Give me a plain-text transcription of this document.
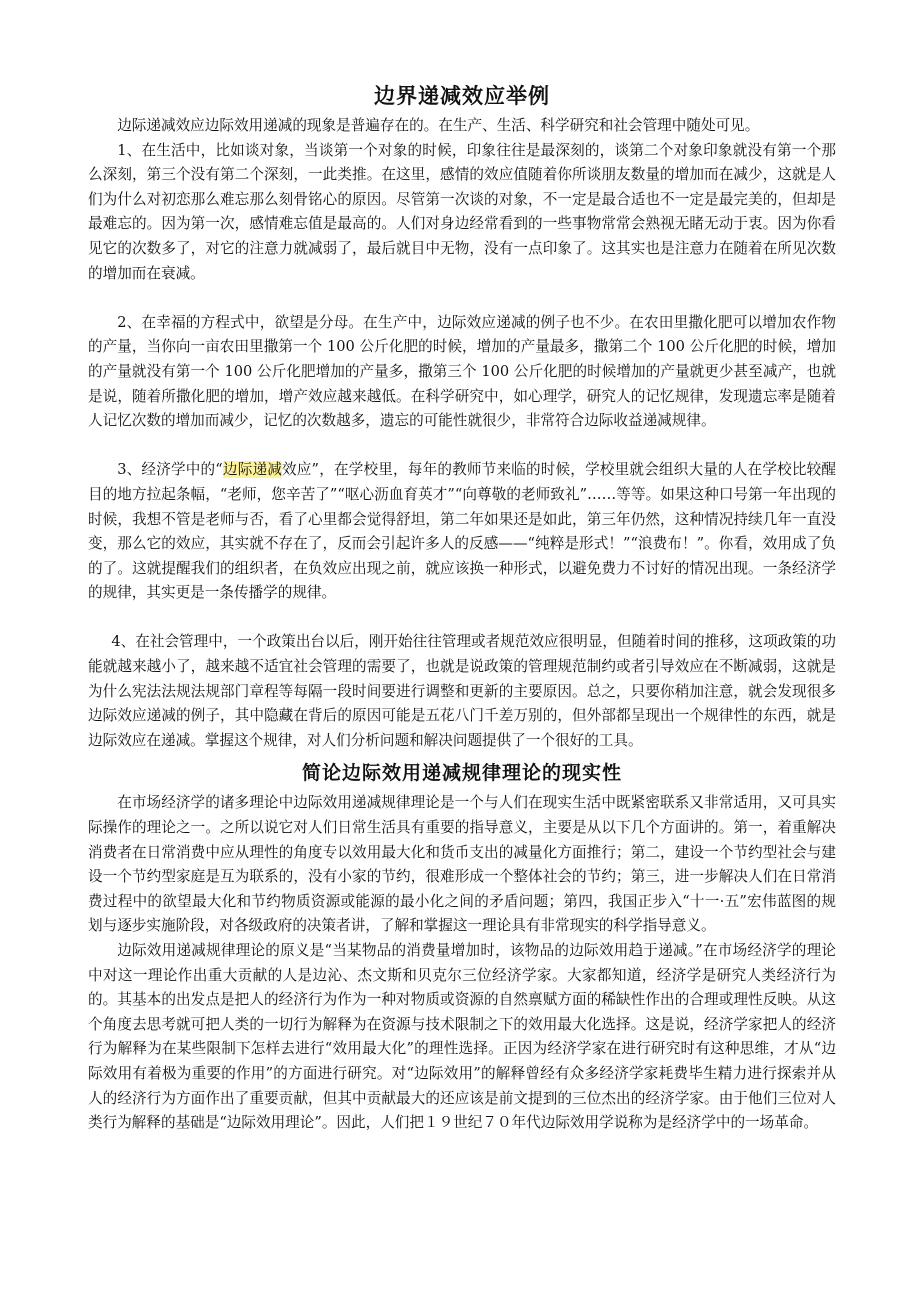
边界递减效应举例

边际递减效应边际效用递减的现象是普遍存在的。在生产、生活、科学研究和社会管理中随处可见。

1、在生活中，比如谈对象，当谈第一个对象的时候，印象往往是最深刻的，谈第二个对象印象就没有第一个那么深刻，第三个没有第二个深刻，一此类推。在这里，感情的效应值随着你所谈朋友数量的增加而在减少，这就是人们为什么对初恋那么难忘那么刻骨铭心的原因。尽管第一次谈的对象，不一定是最合适也不一定是最完美的，但却是最难忘的。因为第一次，感情难忘值是最高的。人们对身边经常看到的一些事物常常会熟视无睹无动于衷。因为你看见它的次数多了，对它的注意力就减弱了，最后就目中无物，没有一点印象了。这其实也是注意力在随着在所见次数的增加而在衰减。

2、在幸福的方程式中，欲望是分母。在生产中，边际效应递减的例子也不少。在农田里撒化肥可以增加农作物的产量，当你向一亩农田里撒第一个 100 公斤化肥的时候，增加的产量最多，撒第二个 100 公斤化肥的时候，增加的产量就没有第一个 100 公斤化肥增加的产量多，撒第三个 100 公斤化肥的时候增加的产量就更少甚至减产，也就是说，随着所撒化肥的增加，增产效应越来越低。在科学研究中，如心理学，研究人的记忆规律，发现遗忘率是随着人记忆次数的增加而减少，记忆的次数越多，遗忘的可能性就很少，非常符合边际收益递减规律。

3、经济学中的“边际递减效应”，在学校里，每年的教师节来临的时候，学校里就会组织大量的人在学校比较醒目的地方拉起条幅，“老师，您辛苦了”“呕心沥血育英才”“向尊敬的老师致礼”……等等。如果这种口号第一年出现的时候，我想不管是老师与否，看了心里都会觉得舒坦，第二年如果还是如此，第三年仍然，这种情况持续几年一直没变，那么它的效应，其实就不存在了，反而会引起许多人的反感——“纯粹是形式！”“浪费布！”。你看，效用成了负的了。这就提醒我们的组织者，在负效应出现之前，就应该换一种形式，以避免费力不讨好的情况出现。一条经济学的规律，其实更是一条传播学的规律。

4、在社会管理中，一个政策出台以后，刚开始往往管理或者规范效应很明显，但随着时间的推移，这项政策的功能就越来越小了，越来越不适宜社会管理的需要了，也就是说政策的管理规范制约或者引导效应在不断减弱，这就是为什么宪法法规法规部门章程等每隔一段时间要进行调整和更新的主要原因。总之，只要你稍加注意，就会发现很多边际效应递减的例子，其中隐藏在背后的原因可能是五花八门千差万别的，但外部都呈现出一个规律性的东西，就是边际效应在递减。掌握这个规律，对人们分析问题和解决问题提供了一个很好的工具。

简论边际效用递减规律理论的现实性

在市场经济学的诸多理论中边际效用递减规律理论是一个与人们在现实生活中既紧密联系又非常适用，又可具实际操作的理论之一。之所以说它对人们日常生活具有重要的指导意义，主要是从以下几个方面讲的。第一，着重解决消费者在日常消费中应从理性的角度专以效用最大化和货币支出的减量化方面推行；第二，建设一个节约型社会与建设一个节约型家庭是互为联系的，没有小家的节约，很难形成一个整体社会的节约；第三，进一步解决人们在日常消费过程中的欲望最大化和节约物质资源或能源的最小化之间的矛盾问题；第四，我国正步入“十一·五”宏伟蓝图的规划与逐步实施阶段，对各级政府的决策者讲，了解和掌握这一理论具有非常现实的科学指导意义。

边际效用递减规律理论的原义是“当某物品的消费量增加时，该物品的边际效用趋于递减。”在市场经济学的理论中对这一理论作出重大贡献的人是边沁、杰文斯和贝克尔三位经济学家。大家都知道，经济学是研究人类经济行为的。其基本的出发点是把人的经济行为作为一种对物质或资源的自然禀赋方面的稀缺性作出的合理或理性反映。从这个角度去思考就可把人类的一切行为解释为在资源与技术限制之下的效用最大化选择。这是说，经济学家把人的经济行为解释为在某些限制下怎样去进行“效用最大化”的理性选择。正因为经济学家在进行研究时有这种思维，才从“边际效用有着极为重要的作用”的方面进行研究。对“边际效用”的解释曾经有众多经济学家耗费毕生精力进行探索并从人的经济行为方面作出了重要贡献，但其中贡献最大的还应该是前文提到的三位杰出的经济学家。由于他们三位对人类行为解释的基础是“边际效用理论”。因此，人们把１９世纪７０年代边际效用学说称为是经济学中的一场革命。
